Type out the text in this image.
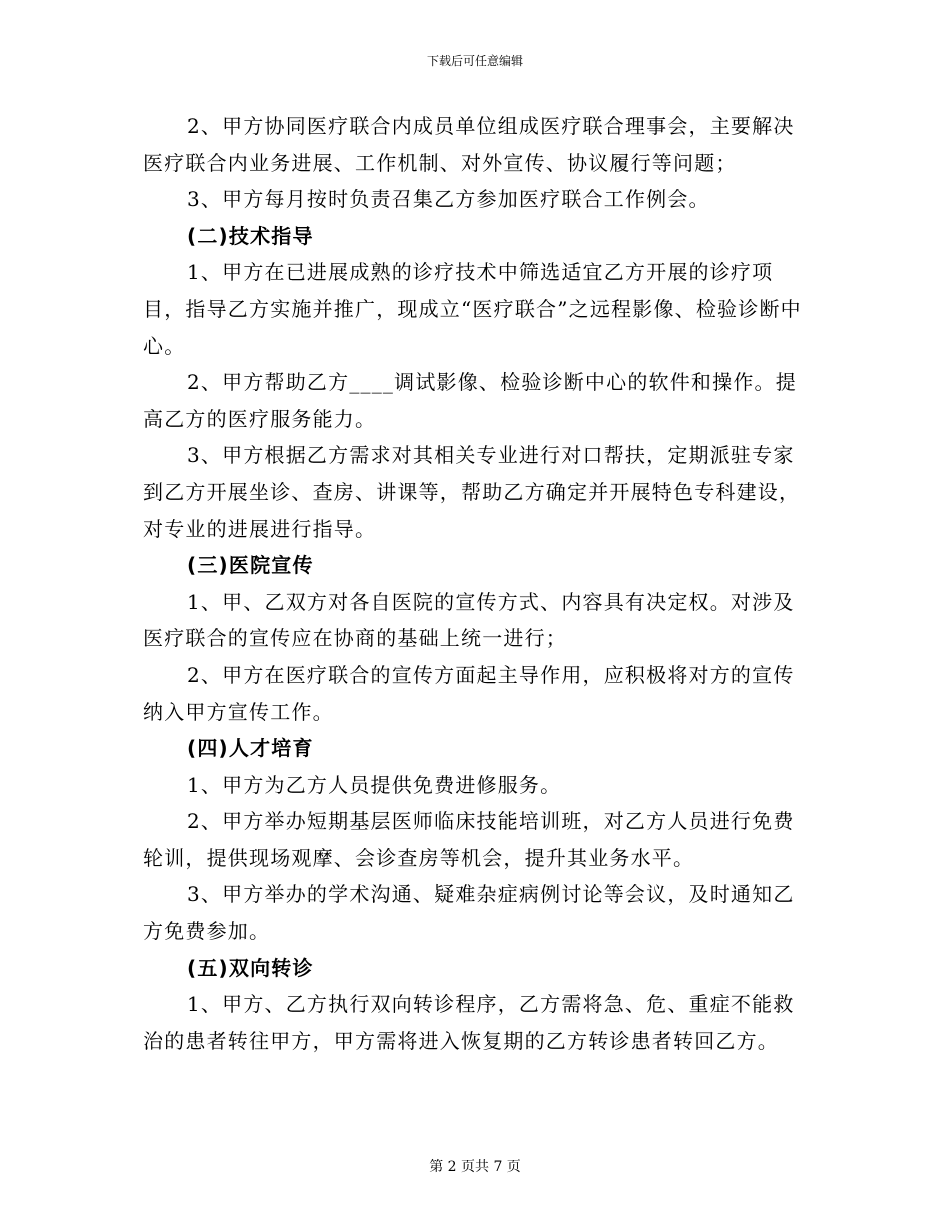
下载后可任意编辑

2、甲方协同医疗联合内成员单位组成医疗联合理事会，主要解决医疗联合内业务进展、工作机制、对外宣传、协议履行等问题；

3、甲方每月按时负责召集乙方参加医疗联合工作例会。

(二)技术指导

1、甲方在已进展成熟的诊疗技术中筛选适宜乙方开展的诊疗项目，指导乙方实施并推广，现成立“医疗联合”之远程影像、检验诊断中心。

2、甲方帮助乙方____调试影像、检验诊断中心的软件和操作。提高乙方的医疗服务能力。

3、甲方根据乙方需求对其相关专业进行对口帮扶，定期派驻专家到乙方开展坐诊、查房、讲课等，帮助乙方确定并开展特色专科建设，对专业的进展进行指导。

(三)医院宣传

1、甲、乙双方对各自医院的宣传方式、内容具有决定权。对涉及医疗联合的宣传应在协商的基础上统一进行；

2、甲方在医疗联合的宣传方面起主导作用，应积极将对方的宣传纳入甲方宣传工作。

(四)人才培育

1、甲方为乙方人员提供免费进修服务。

2、甲方举办短期基层医师临床技能培训班，对乙方人员进行免费轮训，提供现场观摩、会诊查房等机会，提升其业务水平。

3、甲方举办的学术沟通、疑难杂症病例讨论等会议，及时通知乙方免费参加。

(五)双向转诊

1、甲方、乙方执行双向转诊程序，乙方需将急、危、重症不能救治的患者转往甲方，甲方需将进入恢复期的乙方转诊患者转回乙方。

第 2 页共 7 页
